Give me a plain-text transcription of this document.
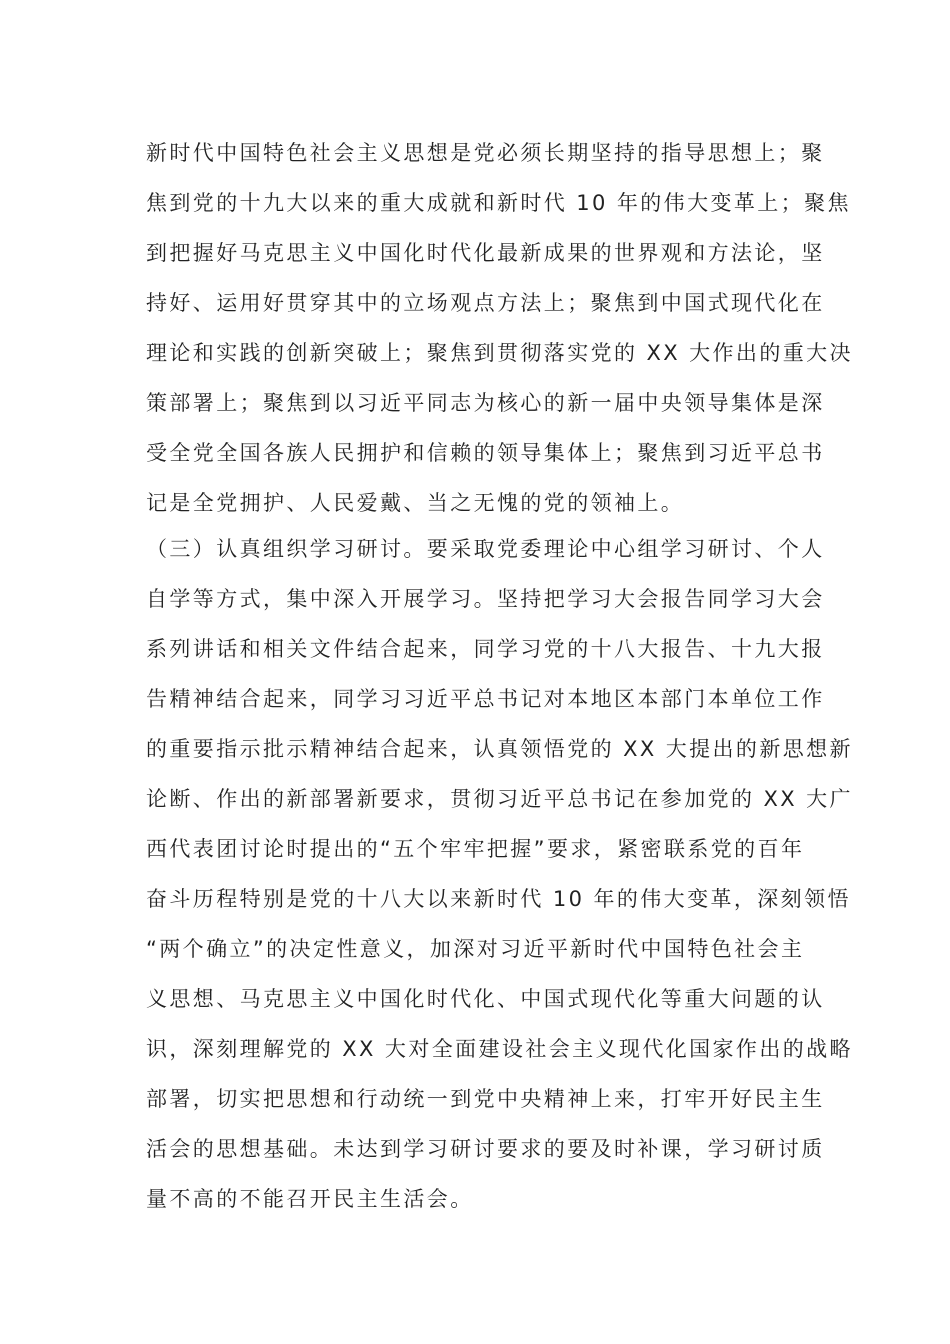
新时代中国特色社会主义思想是党必须长期坚持的指导思想上；聚
焦到党的十九大以来的重大成就和新时代 10 年的伟大变革上；聚焦
到把握好马克思主义中国化时代化最新成果的世界观和方法论，坚
持好、运用好贯穿其中的立场观点方法上；聚焦到中国式现代化在
理论和实践的创新突破上；聚焦到贯彻落实党的 XX 大作出的重大决
策部署上；聚焦到以习近平同志为核心的新一届中央领导集体是深
受全党全国各族人民拥护和信赖的领导集体上；聚焦到习近平总书
记是全党拥护、人民爱戴、当之无愧的党的领袖上。
（三）认真组织学习研讨。要采取党委理论中心组学习研讨、个人
自学等方式，集中深入开展学习。坚持把学习大会报告同学习大会
系列讲话和相关文件结合起来，同学习党的十八大报告、十九大报
告精神结合起来，同学习习近平总书记对本地区本部门本单位工作
的重要指示批示精神结合起来，认真领悟党的 XX 大提出的新思想新
论断、作出的新部署新要求，贯彻习近平总书记在参加党的 XX 大广
西代表团讨论时提出的“五个牢牢把握”要求，紧密联系党的百年
奋斗历程特别是党的十八大以来新时代 10 年的伟大变革，深刻领悟
“两个确立”的决定性意义，加深对习近平新时代中国特色社会主
义思想、马克思主义中国化时代化、中国式现代化等重大问题的认
识，深刻理解党的 XX 大对全面建设社会主义现代化国家作出的战略
部署，切实把思想和行动统一到党中央精神上来，打牢开好民主生
活会的思想基础。未达到学习研讨要求的要及时补课，学习研讨质
量不高的不能召开民主生活会。
